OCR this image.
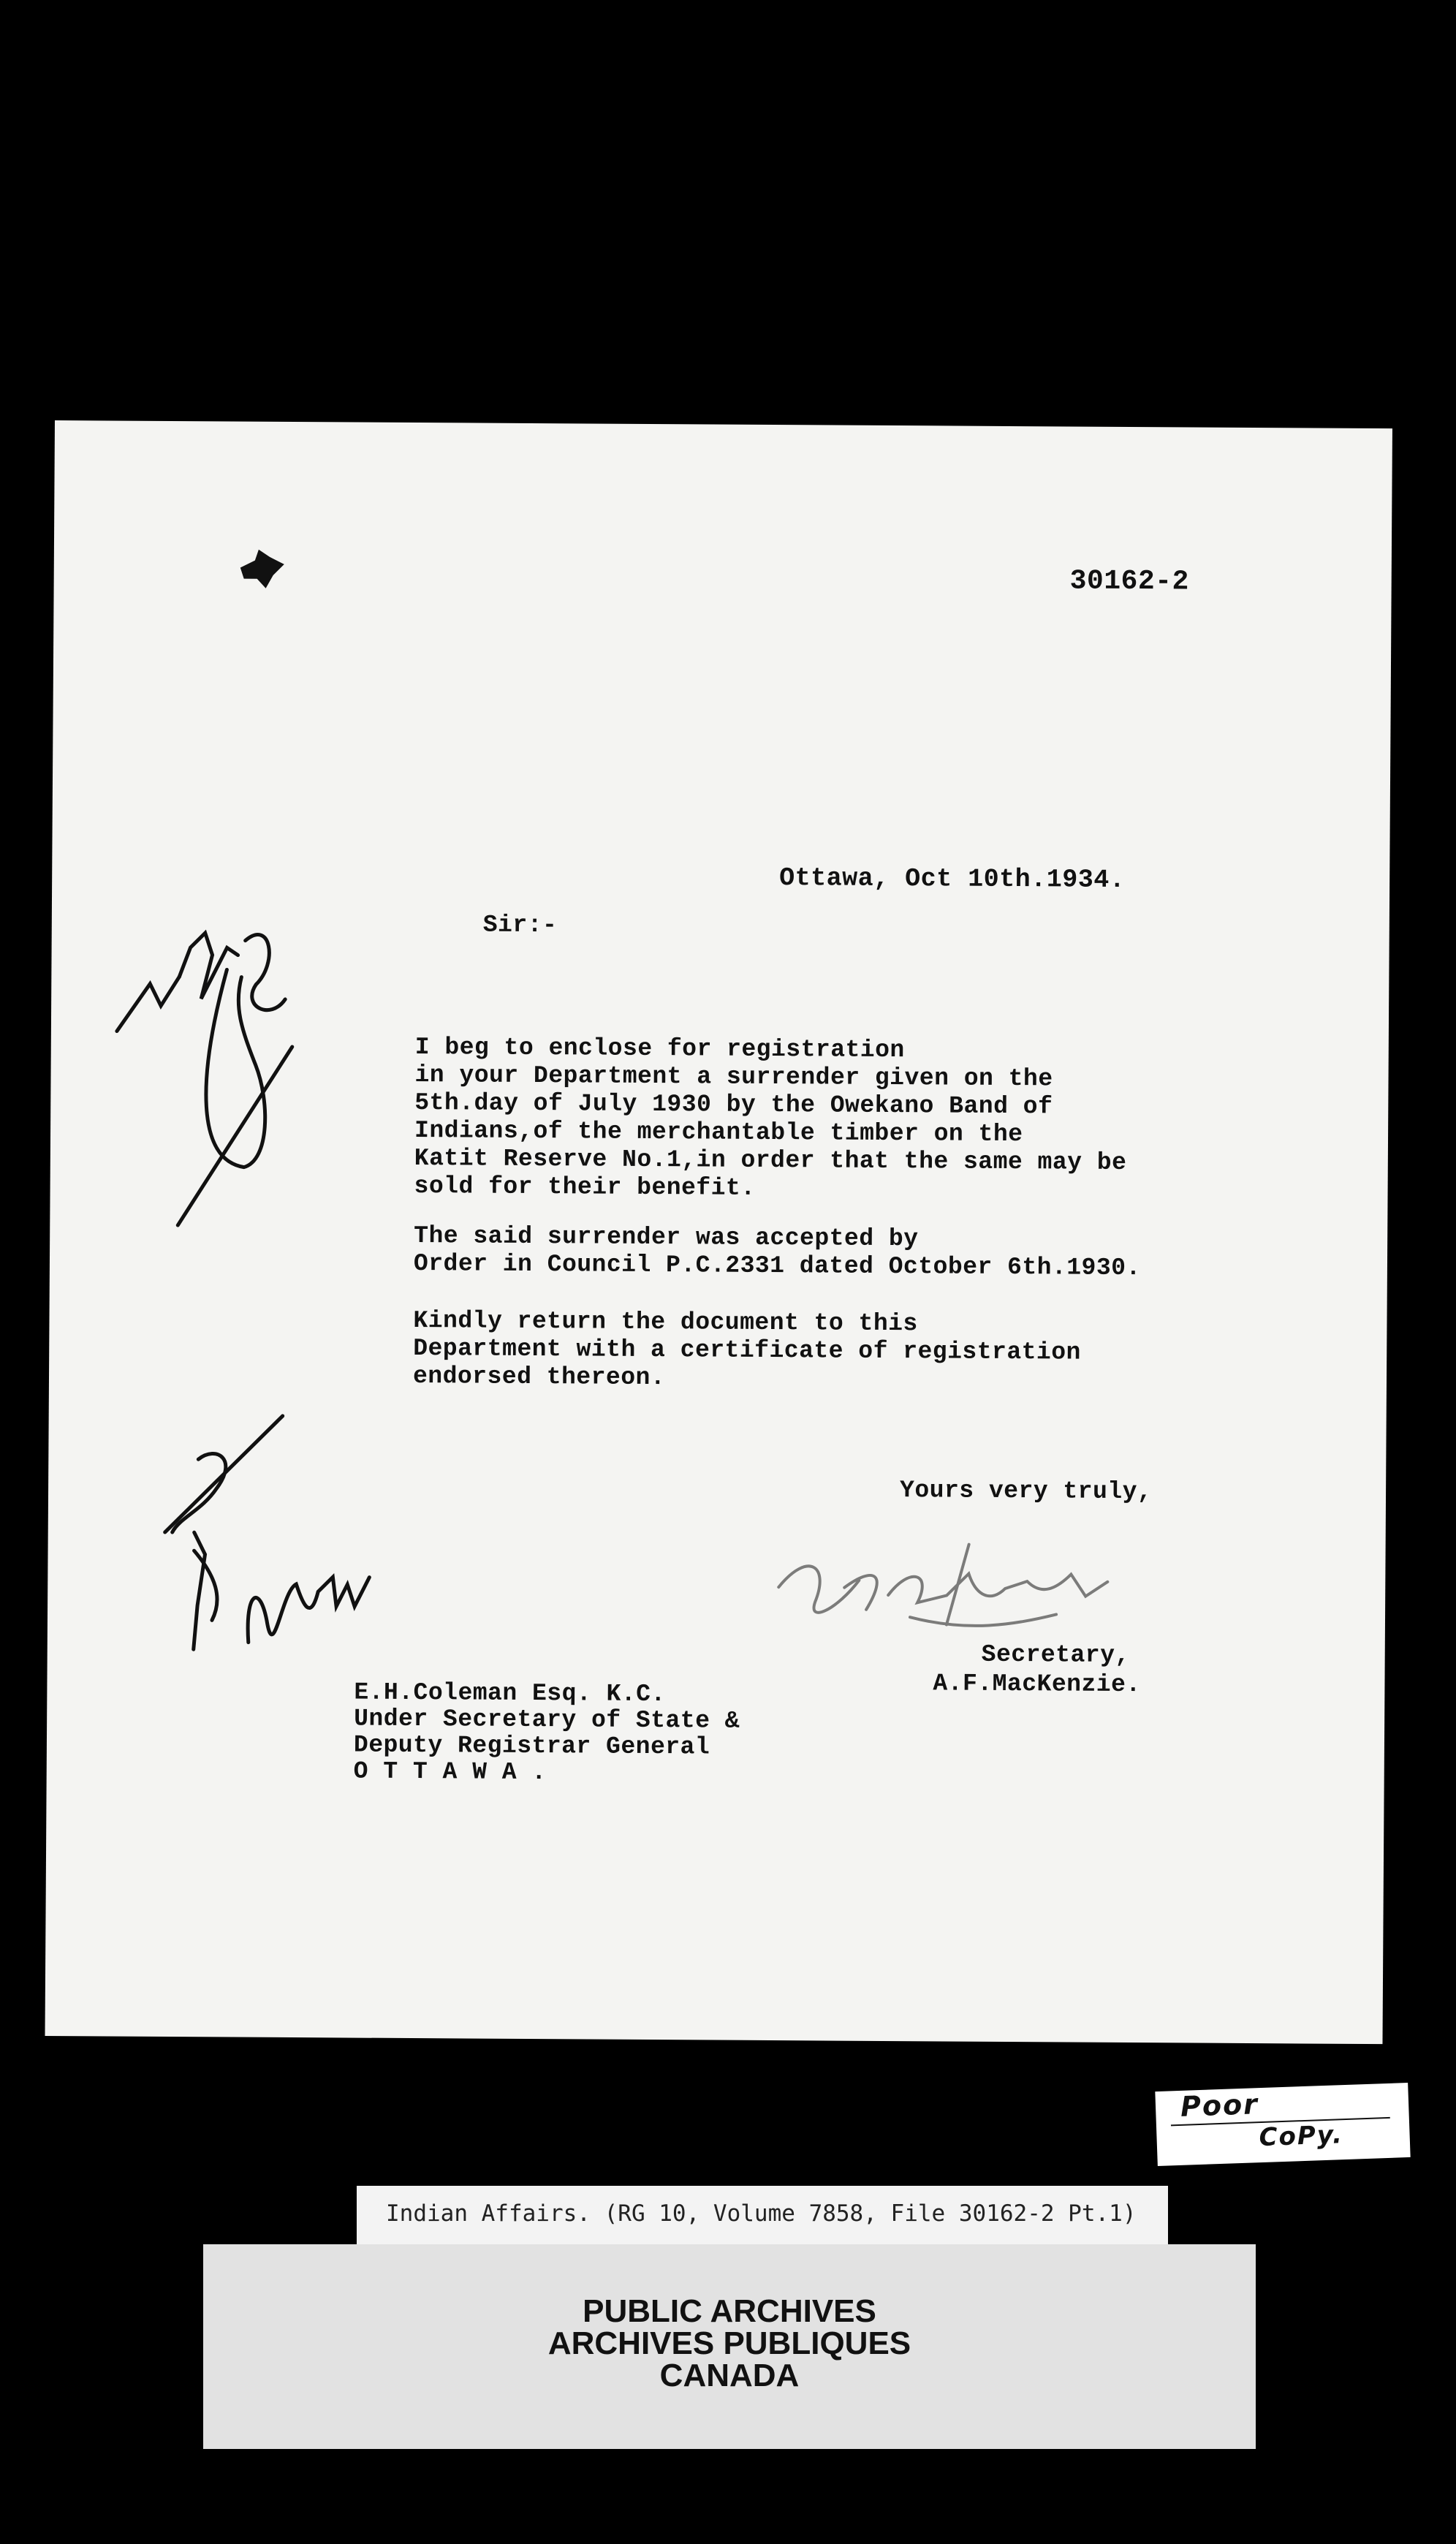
30162-2
Ottawa, Oct 10th.1934.
Sir:-
I beg to enclose for registration
in your Department a surrender given on the
5th.day of July 1930 by the Owekano Band of
Indians,of the merchantable timber on the
Katit Reserve No.1,in order that the same may be
sold for their benefit.
The said surrender was accepted by
Order in Council P.C.2331 dated October 6th.1930.
Kindly return the document to this
Department with a certificate of registration
endorsed thereon.
Yours very truly,
Secretary,
A.F.MacKenzie.
E.H.Coleman Esq. K.C.
Under Secretary of State &
Deputy Registrar General
O T T A W A .
Poor
CoPy.
Indian Affairs. (RG 10, Volume 7858, File 30162-2 Pt.1)
PUBLIC ARCHIVES
ARCHIVES PUBLIQUES
CANADA
